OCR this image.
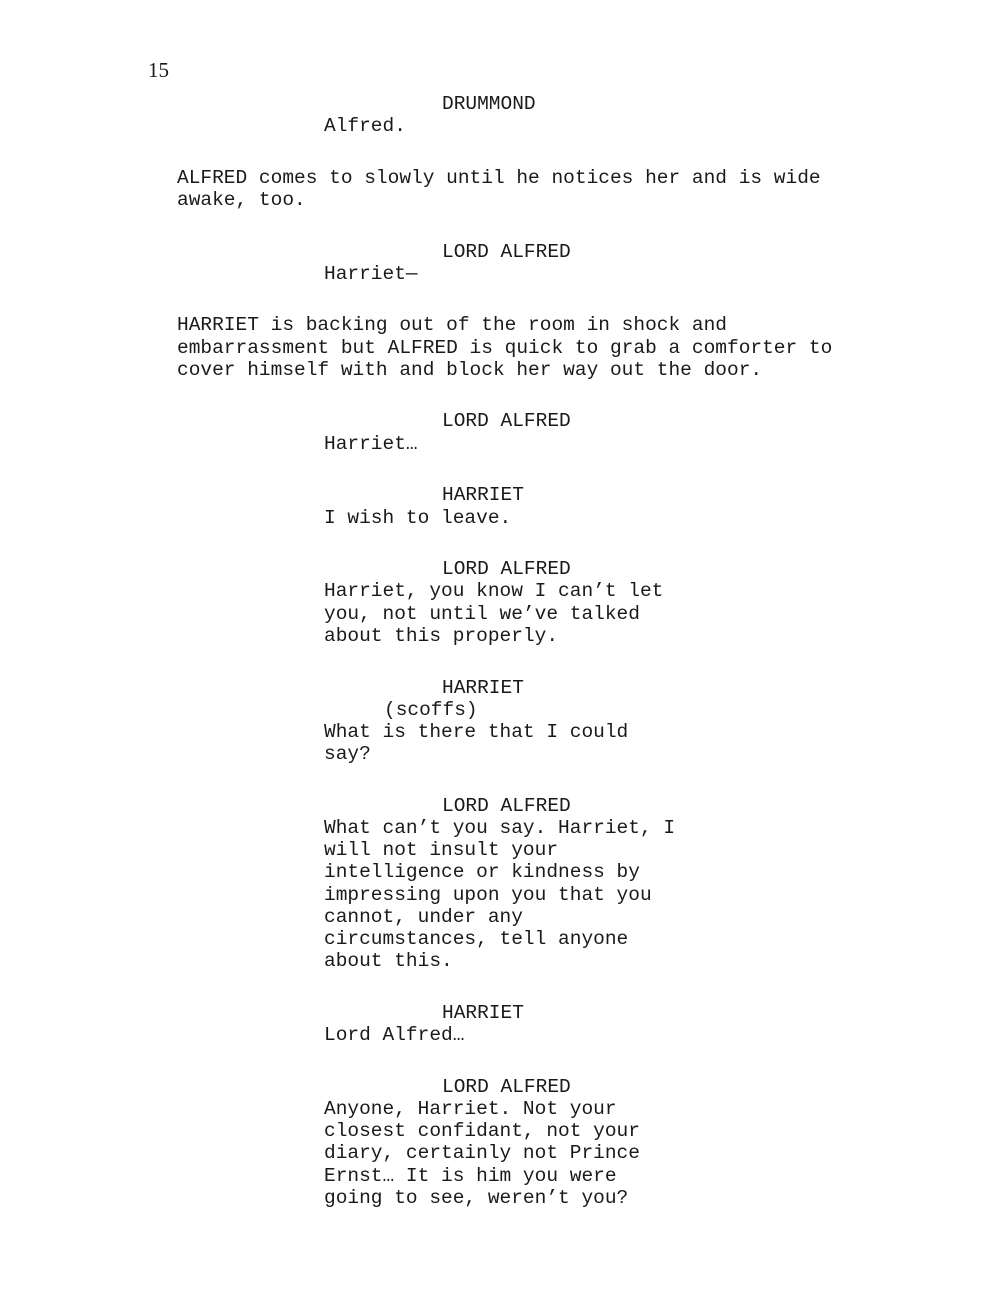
15
DRUMMOND
Alfred.
ALFRED comes to slowly until he notices her and is wide
awake, too.
LORD ALFRED
Harriet—
HARRIET is backing out of the room in shock and
embarrassment but ALFRED is quick to grab a comforter to
cover himself with and block her way out the door.
LORD ALFRED
Harriet…
HARRIET
I wish to leave.
LORD ALFRED
Harriet, you know I can’t let
you, not until we’ve talked
about this properly.
HARRIET
(scoffs)
What is there that I could
say?
LORD ALFRED
What can’t you say. Harriet, I
will not insult your
intelligence or kindness by
impressing upon you that you
cannot, under any
circumstances, tell anyone
about this.
HARRIET
Lord Alfred…
LORD ALFRED
Anyone, Harriet. Not your
closest confidant, not your
diary, certainly not Prince
Ernst… It is him you were
going to see, weren’t you?
